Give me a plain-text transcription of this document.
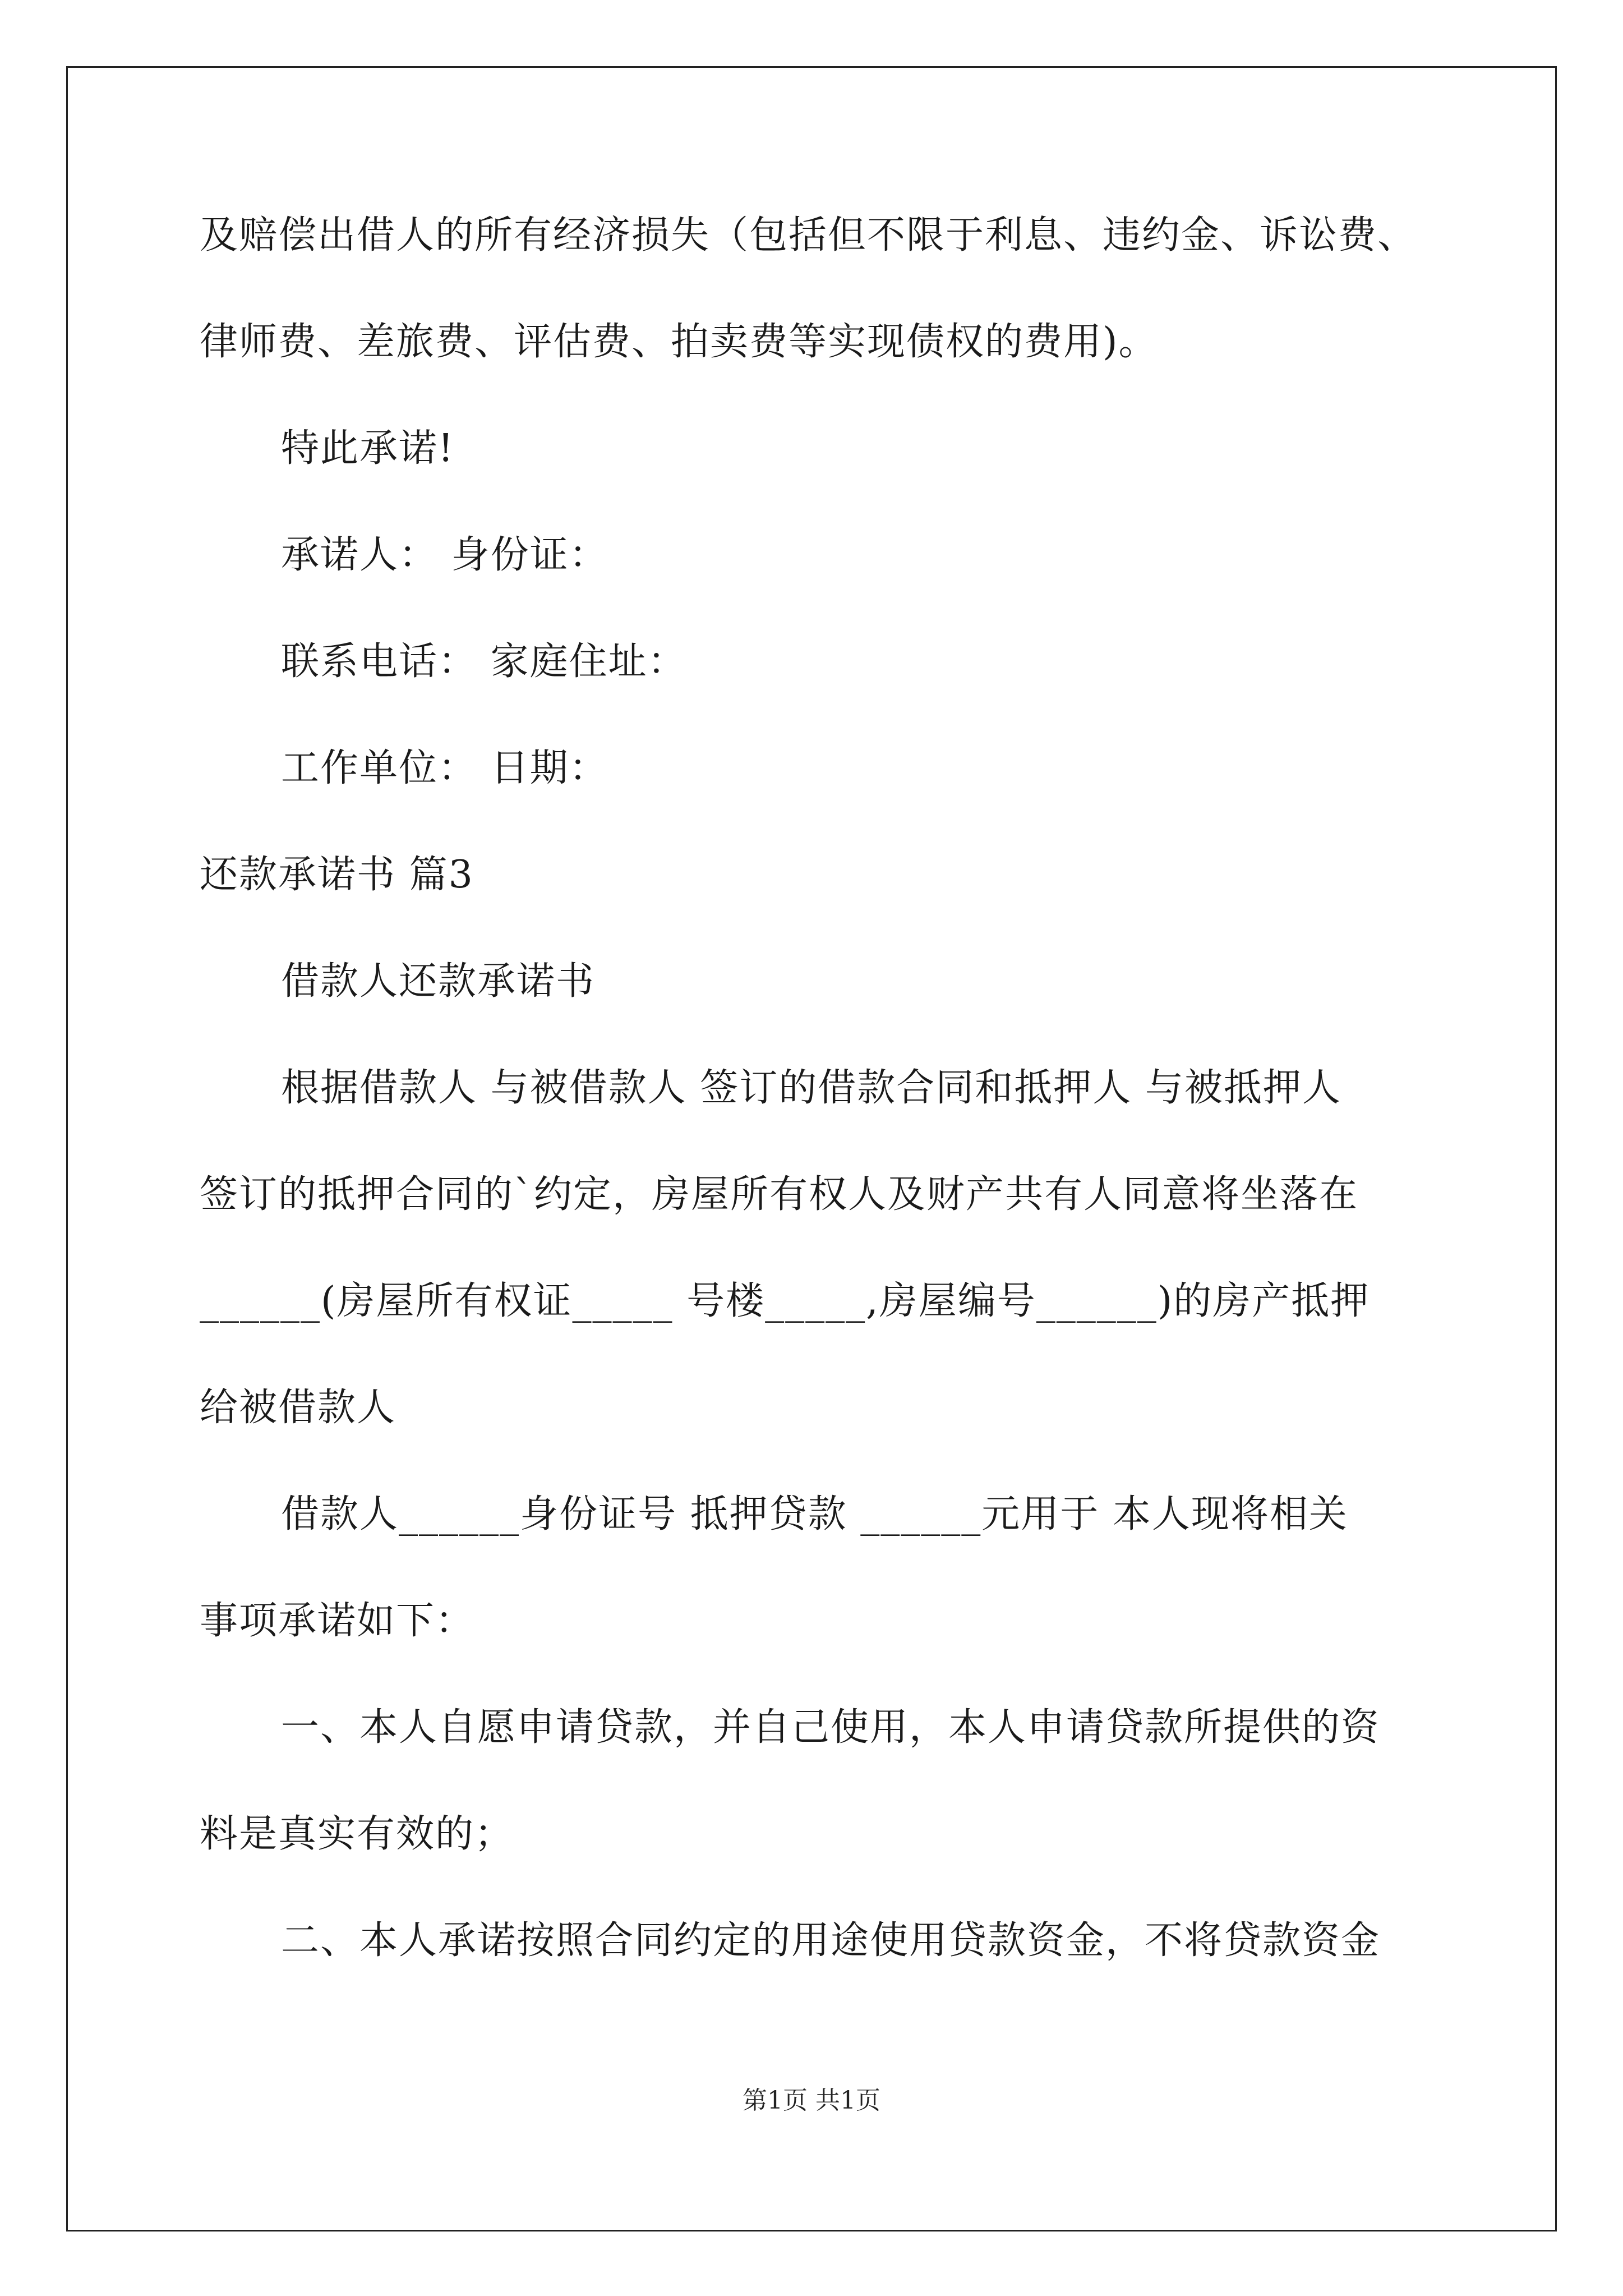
及赔偿出借人的所有经济损失（包括但不限于利息、违约金、诉讼费、
律师费、差旅费、评估费、拍卖费等实现债权的费用)。
特此承诺!
承诺人： 身份证：
联系电话： 家庭住址：
工作单位： 日期：
还款承诺书 篇3
借款人还款承诺书
根据借款人 与被借款人 签订的借款合同和抵押人 与被抵押人
签订的抵押合同的`约定，房屋所有权人及财产共有人同意将坐落在
______(房屋所有权证_____ 号楼_____,房屋编号______)的房产抵押
给被借款人
借款人______身份证号 抵押贷款 ______元用于 本人现将相关
事项承诺如下：
一、本人自愿申请贷款，并自己使用，本人申请贷款所提供的资
料是真实有效的；
二、本人承诺按照合同约定的用途使用贷款资金，不将贷款资金
第1页 共1页
